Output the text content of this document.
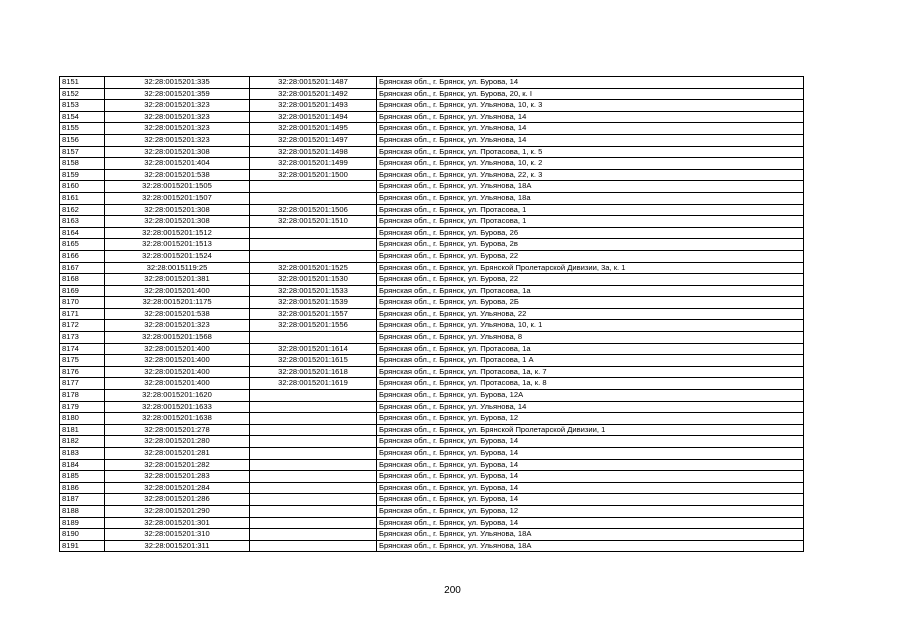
8151	32:28:0015201:335	32:28:0015201:1487	Брянская обл., г. Брянск, ул. Бурова, 14
8152	32:28:0015201:359	32:28:0015201:1492	Брянская обл., г. Брянск, ул. Бурова, 20, к. I
8153	32:28:0015201:323	32:28:0015201:1493	Брянская обл., г. Брянск, ул. Ульянова, 10, к. 3
8154	32:28:0015201:323	32:28:0015201:1494	Брянская обл., г. Брянск, ул. Ульянова, 14
8155	32:28:0015201:323	32:28:0015201:1495	Брянская обл., г. Брянск, ул. Ульянова, 14
8156	32:28:0015201:323	32:28:0015201:1497	Брянская обл., г. Брянск, ул. Ульянова, 14
8157	32:28:0015201:308	32:28:0015201:1498	Брянская обл., г. Брянск, ул. Протасова, 1, к. 5
8158	32:28:0015201:404	32:28:0015201:1499	Брянская обл., г. Брянск, ул. Ульянова, 10, к. 2
8159	32:28:0015201:538	32:28:0015201:1500	Брянская обл., г. Брянск, ул. Ульянова, 22, к. 3
8160	32:28:0015201:1505		Брянская обл., г. Брянск, ул. Ульянова, 18А
8161	32:28:0015201:1507		Брянская обл., г. Брянск, ул. Ульянова, 18а
8162	32:28:0015201:308	32:28:0015201:1506	Брянская обл., г. Брянск, ул. Протасова, 1
8163	32:28:0015201:308	32:28:0015201:1510	Брянская обл., г. Брянск, ул. Протасова, 1
8164	32:28:0015201:1512		Брянская обл., г. Брянск, ул. Бурова, 26
8165	32:28:0015201:1513		Брянская обл., г. Брянск, ул. Бурова, 2в
8166	32:28:0015201:1524		Брянская обл., г. Брянск, ул. Бурова, 22
8167	32:28:0015119:25	32:28:0015201:1525	Брянская обл., г. Брянск, ул. Брянской Пролетарской Дивизии, 3а, к. 1
8168	32:28:0015201:381	32:28:0015201:1530	Брянская обл., г. Брянск, ул. Бурова, 22
8169	32:28:0015201:400	32:28:0015201:1533	Брянская обл., г. Брянск, ул. Протасова, 1а
8170	32:28:0015201:1175	32:28:0015201:1539	Брянская обл., г. Брянск, ул. Бурова, 2Б
8171	32:28:0015201:538	32:28:0015201:1557	Брянская обл., г. Брянск, ул. Ульянова, 22
8172	32:28:0015201:323	32:28:0015201:1556	Брянская обл., г. Брянск, ул. Ульянова, 10, к. 1
8173	32:28:0015201:1568		Брянская обл., г. Брянск, ул. Ульянова, 8
8174	32:28:0015201:400	32:28:0015201:1614	Брянская обл., г. Брянск, ул. Протасова, 1а
8175	32:28:0015201:400	32:28:0015201:1615	Брянская обл., г. Брянск, ул. Протасова, 1 А
8176	32:28:0015201:400	32:28:0015201:1618	Брянская обл., г. Брянск, ул. Протасова, 1а, к. 7
8177	32:28:0015201:400	32:28:0015201:1619	Брянская обл., г. Брянск, ул. Протасова, 1а, к. 8
8178	32:28:0015201:1620		Брянская обл., г. Брянск, ул. Бурова, 12А
8179	32:28:0015201:1633		Брянская обл., г. Брянск, ул. Ульянова, 14
8180	32:28:0015201:1638		Брянская обл., г. Брянск, ул. Бурова, 12
8181	32:28:0015201:278		Брянская обл., г. Брянск, ул. Брянской Пролетарской Дивизии, 1
8182	32:28:0015201:280		Брянская обл., г. Брянск, ул. Бурова, 14
8183	32:28:0015201:281		Брянская обл., г. Брянск, ул. Бурова, 14
8184	32:28:0015201:282		Брянская обл., г. Брянск, ул. Бурова, 14
8185	32:28:0015201:283		Брянская обл., г. Брянск, ул. Бурова, 14
8186	32:28:0015201:284		Брянская обл., г. Брянск, ул. Бурова, 14
8187	32:28:0015201:286		Брянская обл., г. Брянск, ул. Бурова, 14
8188	32:28:0015201:290		Брянская обл., г. Брянск, ул. Бурова, 12
8189	32:28:0015201:301		Брянская обл., г. Брянск, ул. Бурова, 14
8190	32:28:0015201:310		Брянская обл., г. Брянск, ул. Ульянова, 18А
8191	32:28:0015201:311		Брянская обл., г. Брянск, ул. Ульянова, 18А
200
